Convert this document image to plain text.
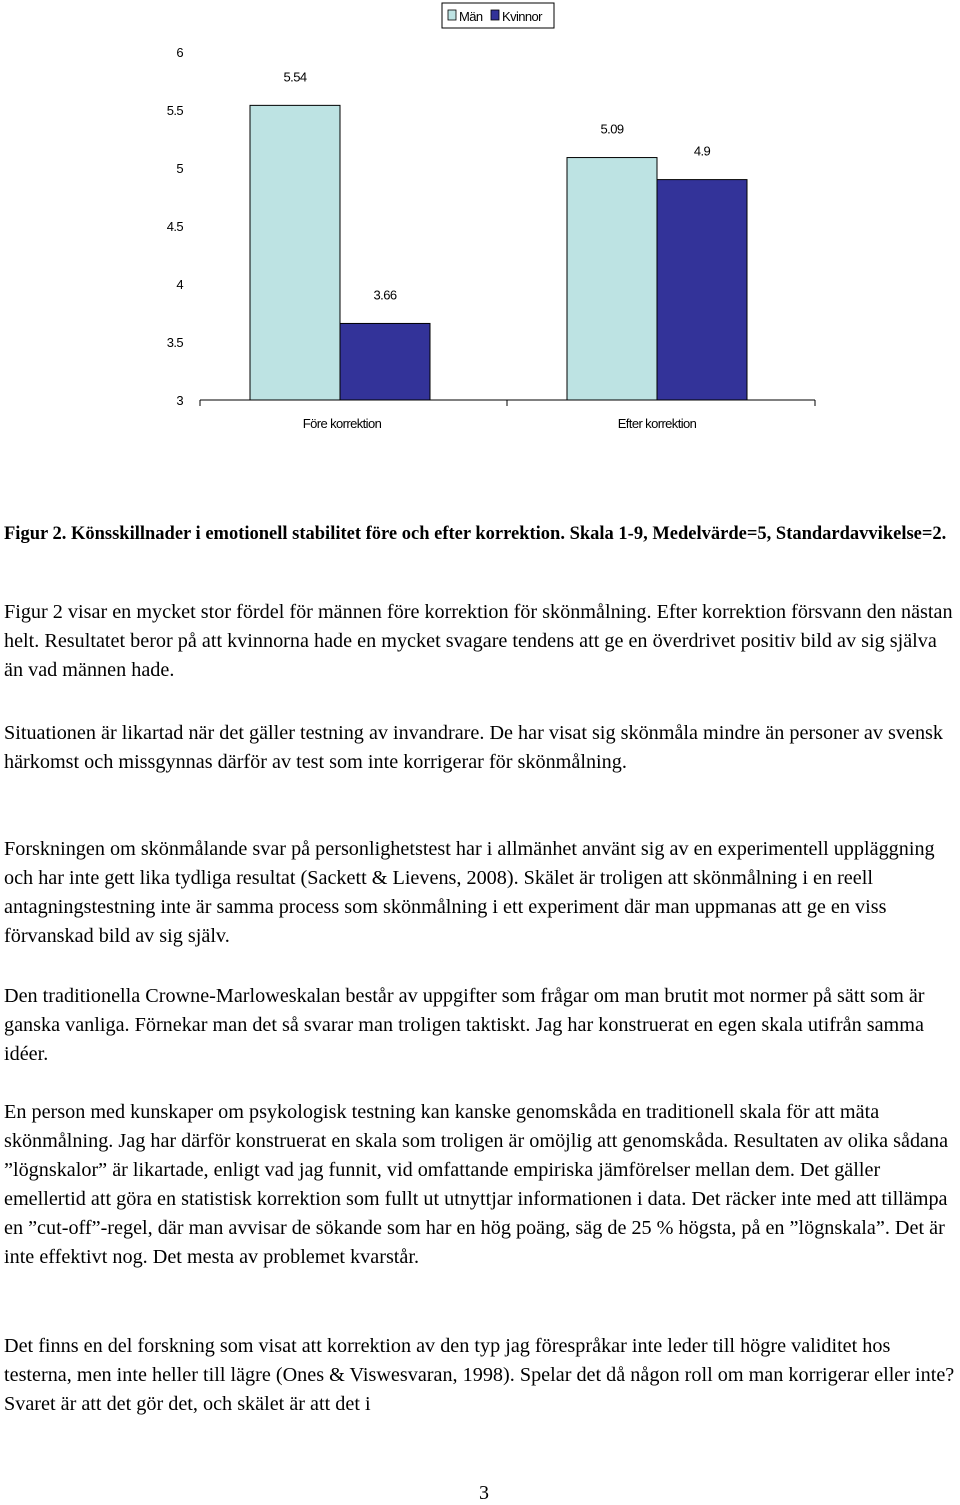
Män Kvinnor
6
5.5
5
4.5
4
3.5
3
5.54
3.66
5.09
4.9
Före korrektion	Efter korrektion
Figur 2. Könsskillnader i emotionell stabilitet före och efter korrektion. Skala 1-9, Medelvärde=5, Standardavvikelse=2.

Figur 2 visar en mycket stor fördel för männen före korrektion för skönmålning. Efter korrektion försvann den nästan helt. Resultatet beror på att kvinnorna hade en mycket svagare tendens att ge en överdrivet positiv bild av sig själva än vad männen hade.

Situationen är likartad när det gäller testning av invandrare. De har visat sig skönmåla mindre än personer av svensk härkomst och missgynnas därför av test som inte korrigerar för skönmålning.

Forskningen om skönmålande svar på personlighetstest har i allmänhet använt sig av en experimentell uppläggning och har inte gett lika tydliga resultat (Sackett & Lievens, 2008). Skälet är troligen att skönmålning i en reell antagningstestning inte är samma process som skönmålning i ett experiment där man uppmanas att ge en viss förvanskad bild av sig själv.

Den traditionella Crowne-Marloweskalan består av uppgifter som frågar om man brutit mot normer på sätt som är ganska vanliga. Förnekar man det så svarar man troligen taktiskt. Jag har konstruerat en egen skala utifrån samma idéer.

En person med kunskaper om psykologisk testning kan kanske genomskåda en traditionell skala för att mäta skönmålning. Jag har därför konstruerat en skala som troligen är omöjlig att genomskåda. Resultaten av olika sådana ”lögnskalor” är likartade, enligt vad jag funnit, vid omfattande empiriska jämförelser mellan dem. Det gäller emellertid att göra en statistisk korrektion som fullt ut utnyttjar informationen i data. Det räcker inte med att tillämpa en ”cut-off”-regel, där man avvisar de sökande som har en hög poäng, säg de 25 % högsta, på en ”lögnskala”. Det är inte effektivt nog. Det mesta av problemet kvarstår.

Det finns en del forskning som visat att korrektion av den typ jag förespråkar inte leder till högre validitet hos testerna, men inte heller till lägre (Ones & Viswesvaran, 1998). Spelar det då någon roll om man korrigerar eller inte? Svaret är att det gör det, och skälet är att det i

3
